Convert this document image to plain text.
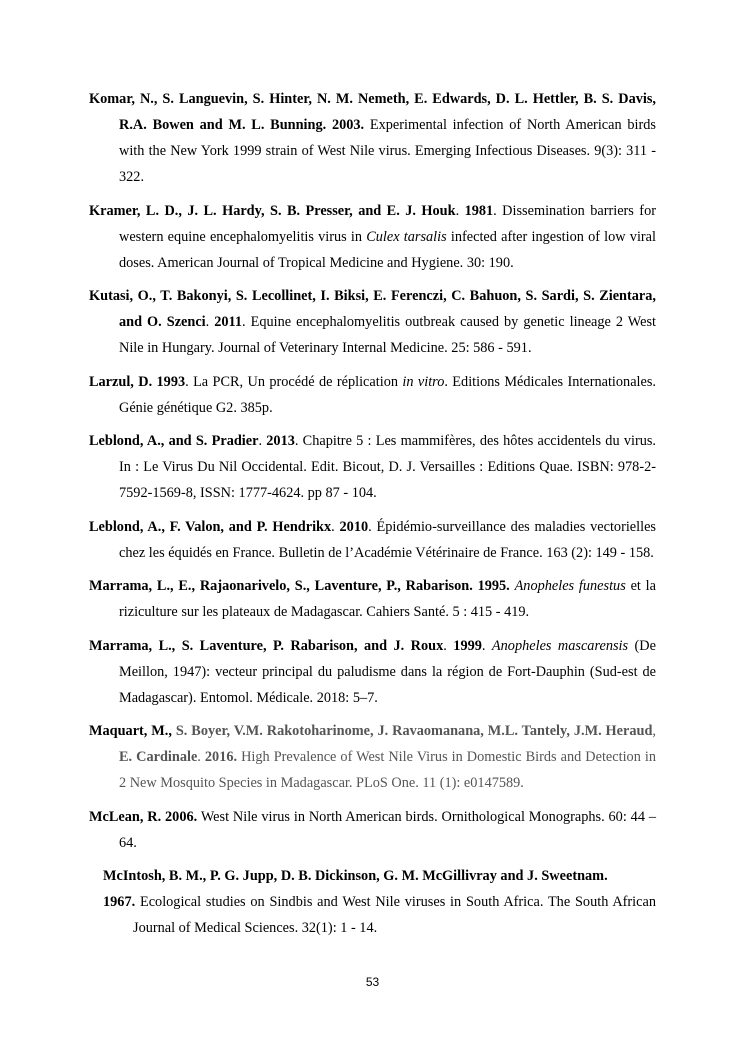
Komar, N., S. Languevin, S. Hinter, N. M. Nemeth, E. Edwards, D. L. Hettler, B. S. Davis, R.A. Bowen and M. L. Bunning. 2003. Experimental infection of North American birds with the New York 1999 strain of West Nile virus. Emerging Infectious Diseases. 9(3): 311 - 322.

Kramer, L. D., J. L. Hardy, S. B. Presser, and E. J. Houk. 1981. Dissemination barriers for western equine encephalomyelitis virus in Culex tarsalis infected after ingestion of low viral doses. American Journal of Tropical Medicine and Hygiene. 30: 190.

Kutasi, O., T. Bakonyi, S. Lecollinet, I. Biksi, E. Ferenczi, C. Bahuon, S. Sardi, S. Zientara, and O. Szenci. 2011. Equine encephalomyelitis outbreak caused by genetic lineage 2 West Nile in Hungary. Journal of Veterinary Internal Medicine. 25: 586 - 591.

Larzul, D. 1993. La PCR, Un procédé de réplication in vitro. Editions Médicales Internationales. Génie génétique G2. 385p.

Leblond, A., and S. Pradier. 2013. Chapitre 5 : Les mammifères, des hôtes accidentels du virus. In : Le Virus Du Nil Occidental. Edit. Bicout, D. J. Versailles : Editions Quae. ISBN: 978-2-7592-1569-8, ISSN: 1777-4624. pp 87 - 104.

Leblond, A., F. Valon, and P. Hendrikx. 2010. Épidémio-surveillance des maladies vectorielles chez les équidés en France. Bulletin de l’Académie Vétérinaire de France. 163 (2): 149 - 158.

Marrama, L., E., Rajaonarivelo, S., Laventure, P., Rabarison. 1995. Anopheles funestus et la riziculture sur les plateaux de Madagascar. Cahiers Santé. 5 : 415 - 419.

Marrama, L., S. Laventure, P. Rabarison, and J. Roux. 1999. Anopheles mascarensis (De Meillon, 1947): vecteur principal du paludisme dans la région de Fort-Dauphin (Sud-est de Madagascar). Entomol. Médicale. 2018: 5–7.

Maquart, M., S. Boyer, V.M. Rakotoharinome, J. Ravaomanana, M.L. Tantely, J.M. Heraud, E. Cardinale. 2016. High Prevalence of West Nile Virus in Domestic Birds and Detection in 2 New Mosquito Species in Madagascar. PLoS One. 11 (1): e0147589.

McLean, R. 2006. West Nile virus in North American birds. Ornithological Monographs. 60: 44 – 64.

McIntosh, B. M., P. G. Jupp, D. B. Dickinson, G. M. McGillivray and J. Sweetnam.
1967. Ecological studies on Sindbis and West Nile viruses in South Africa. The South African Journal of Medical Sciences. 32(1): 1 - 14.

53
